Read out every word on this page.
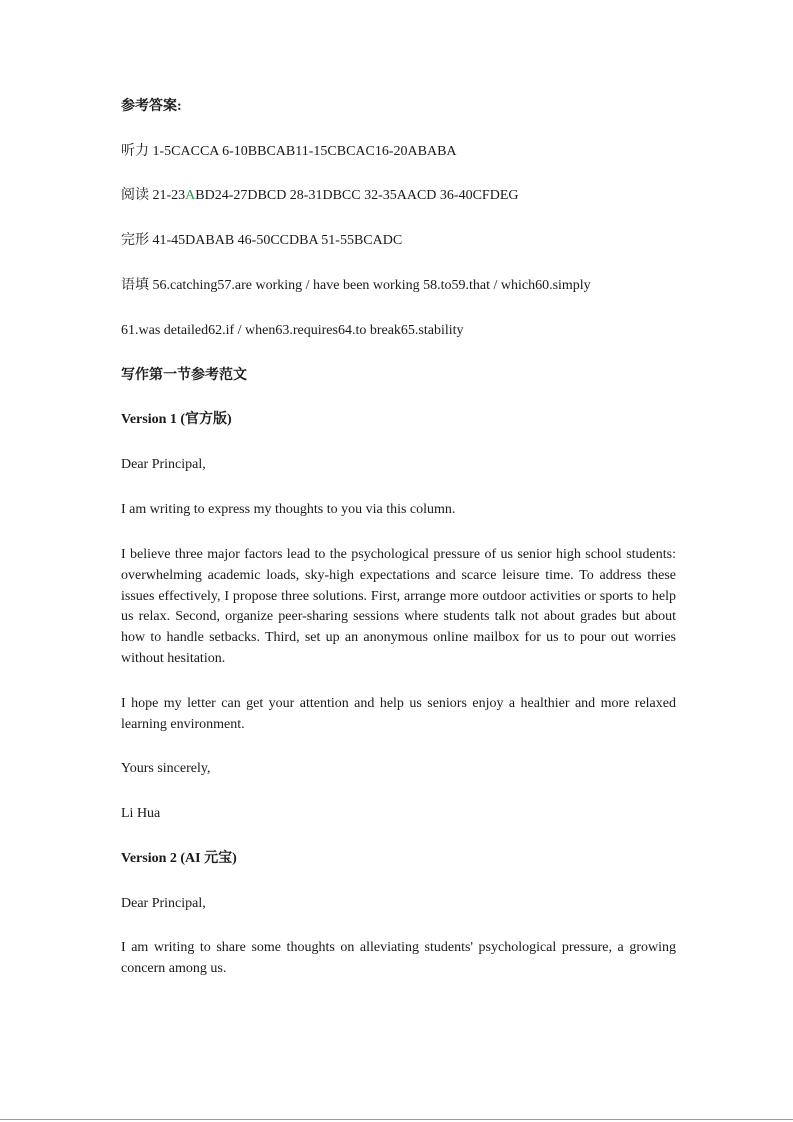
参考答案:
听力 1-5CACCA 6-10BBCAB11-15CBCAC16-20ABABA
阅读 21-23ABD24-27DBCD 28-31DBCC 32-35AACD 36-40CFDEG
完形 41-45DABAB 46-50CCDBA 51-55BCADC
语填 56.catching57.are working / have been working 58.to59.that / which60.simply
61.was detailed62.if / when63.requires64.to break65.stability
写作第一节参考范文
Version 1 (官方版)
Dear Principal,
I am writing to express my thoughts to you via this column.
I believe three major factors lead to the psychological pressure of us senior high school students: overwhelming academic loads, sky-high expectations and scarce leisure time. To address these issues effectively, I propose three solutions. First, arrange more outdoor activities or sports to help us relax. Second, organize peer-sharing sessions where students talk not about grades but about how to handle setbacks. Third, set up an anonymous online mailbox for us to pour out worries without hesitation.
I hope my letter can get your attention and help us seniors enjoy a healthier and more relaxed learning environment.
Yours sincerely,
Li Hua
Version 2 (AI 元宝)
Dear Principal,
I am writing to share some thoughts on alleviating students' psychological pressure, a growing concern among us.
